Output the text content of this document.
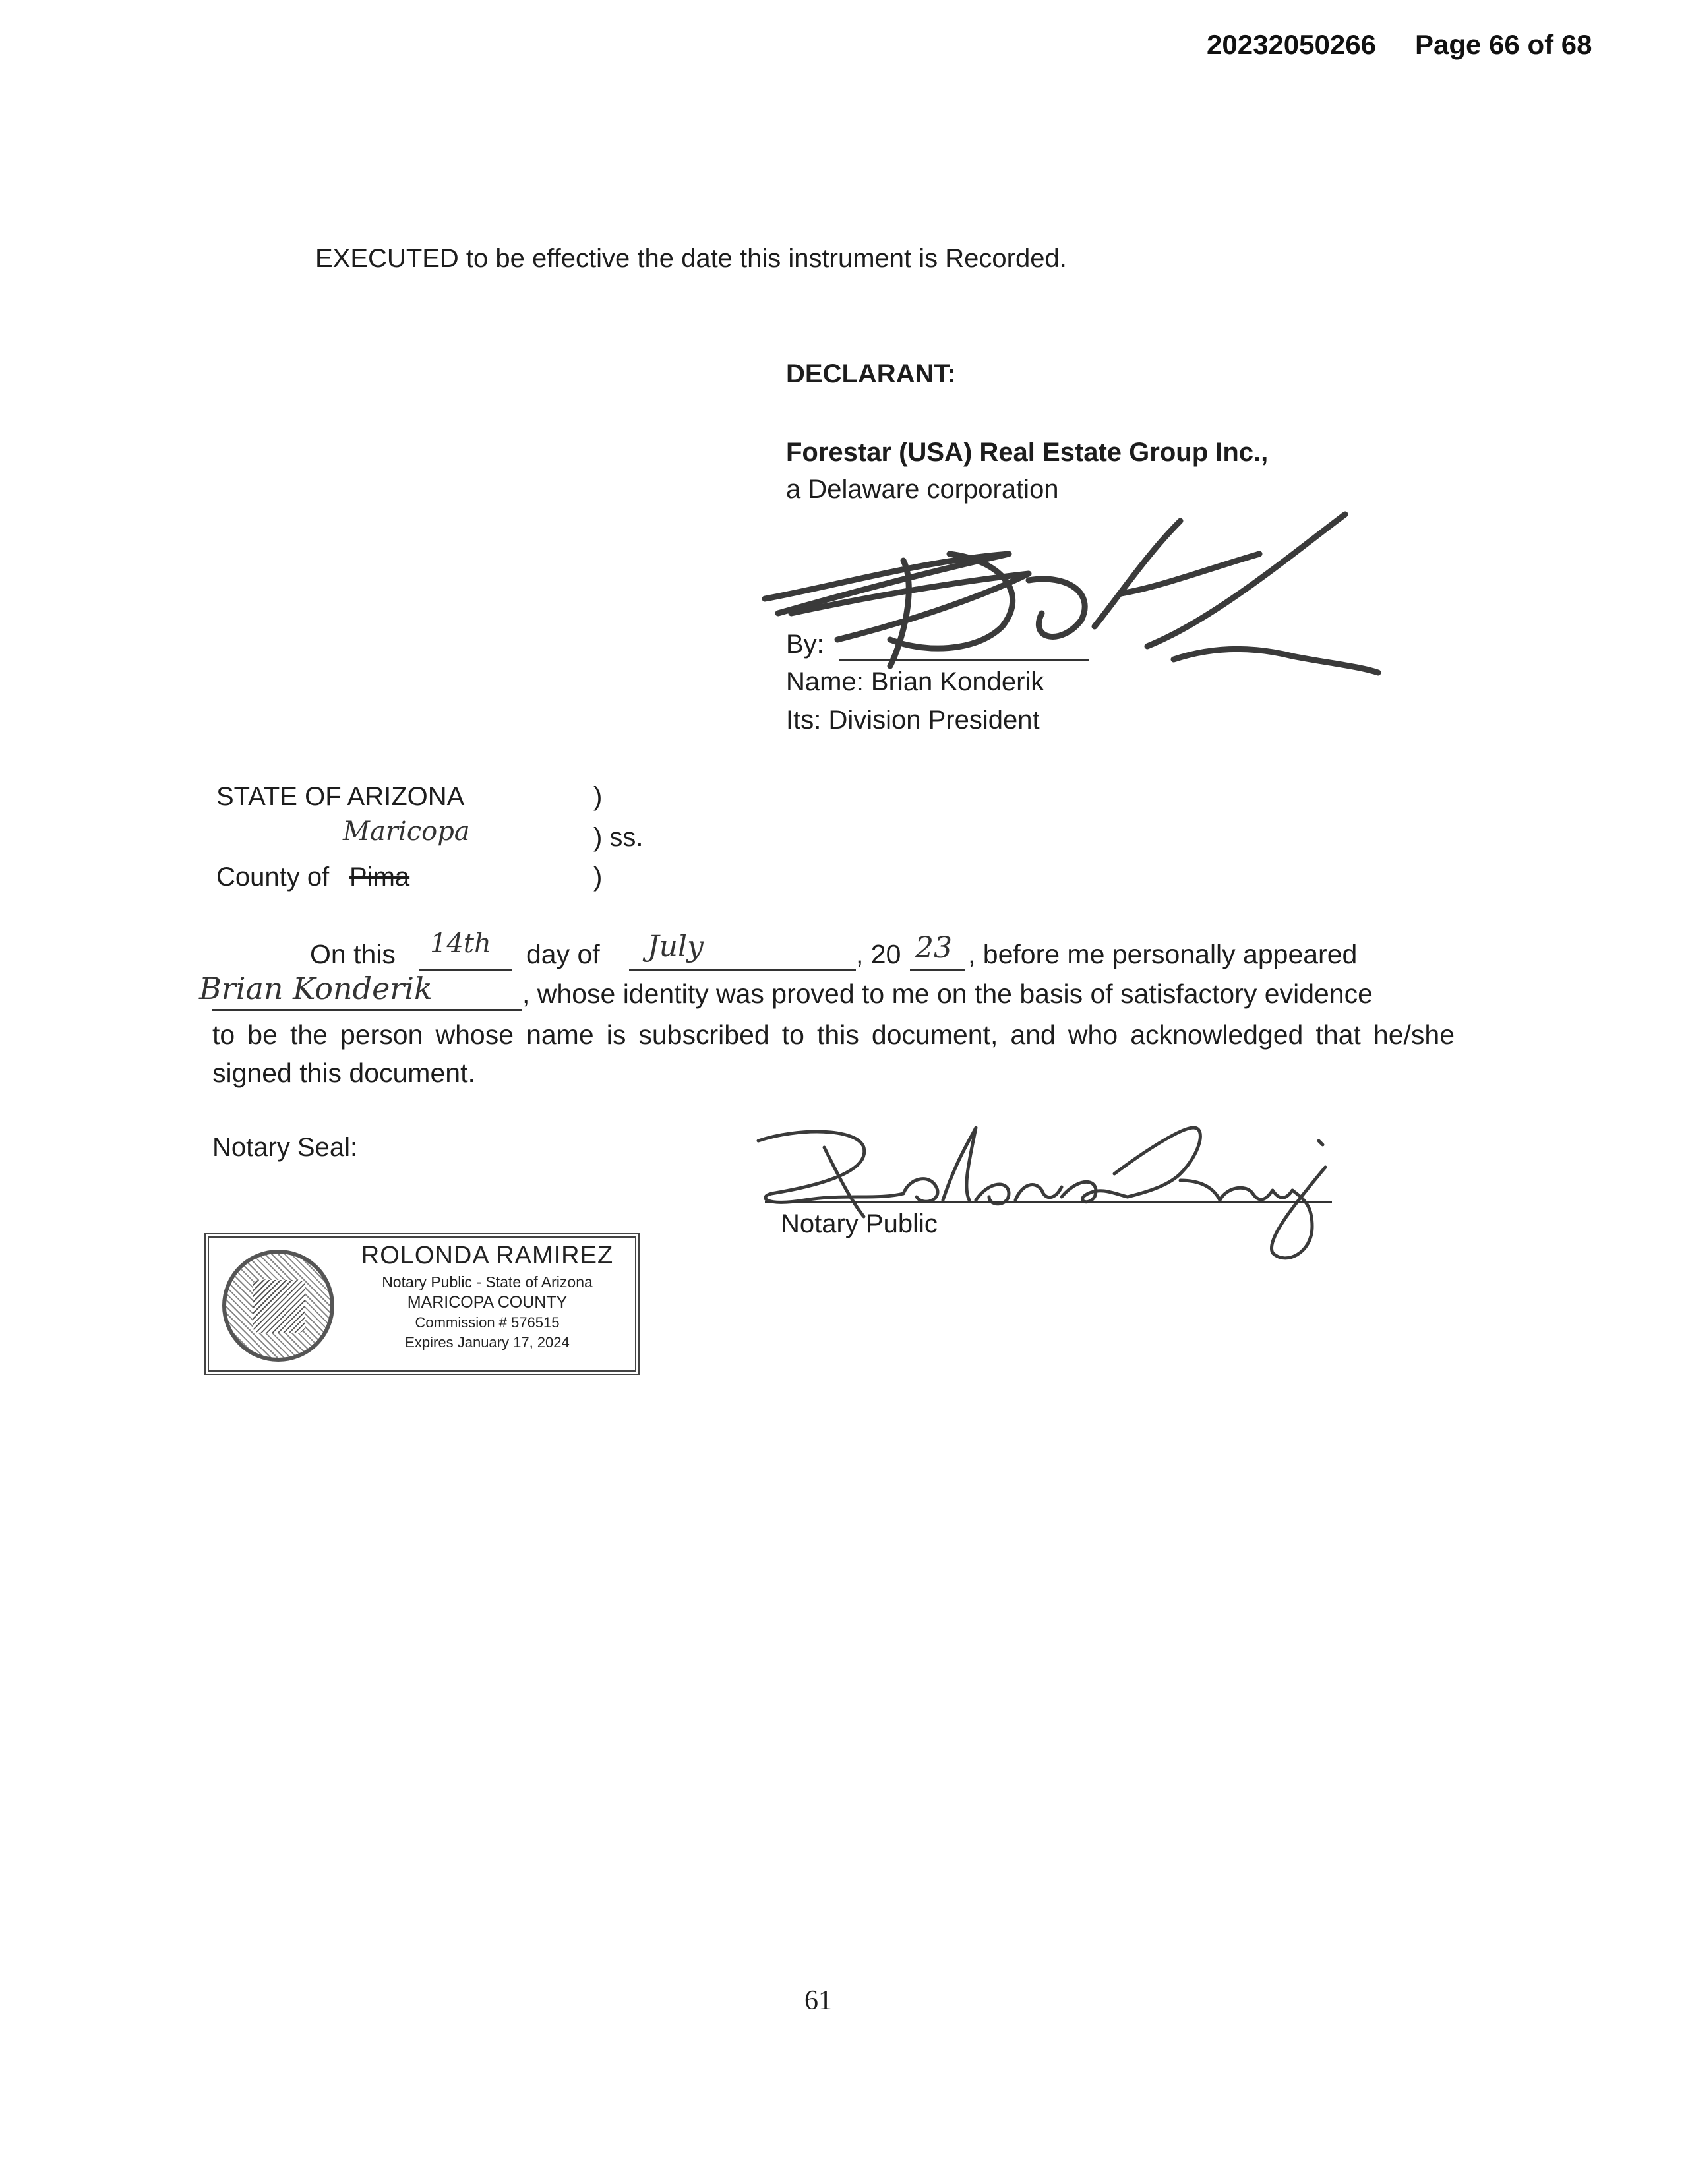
20232050266 Page 66 of 68
EXECUTED to be effective the date this instrument is Recorded.
DECLARANT:
Forestar (USA) Real Estate Group Inc.,
a Delaware corporation
By:
Name: Brian Konderik
Its: Division President
STATE OF ARIZONA	)
Maricopa	) ss.
County of Pima	)
On this 14th day of July	, 20 23 , before me personally appeared
Brian Konderik	, whose identity was proved to me on the basis of satisfactory evidence
to be the person whose name is subscribed to this document, and who acknowledged that he/she signed this document.
Notary Seal:
Notary Public
ROLONDA RAMIREZ
Notary Public - State of Arizona
MARICOPA COUNTY
Commission # 576515
Expires January 17, 2024
61
